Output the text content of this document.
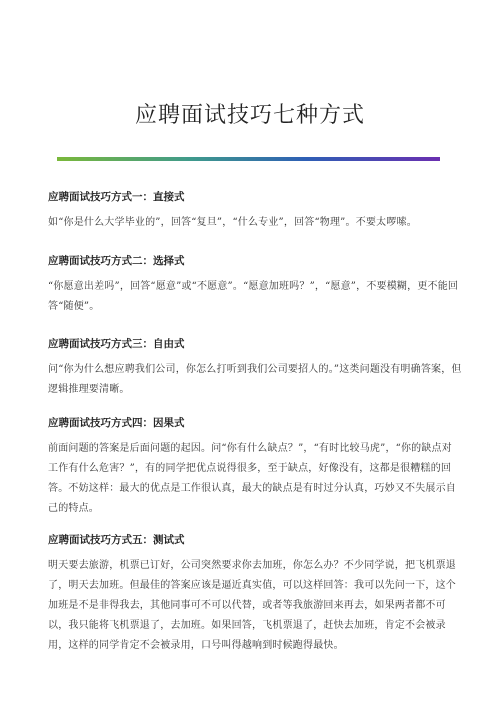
应聘面试技巧七种方式

应聘面试技巧方式一：直接式

如“你是什么大学毕业的”，回答“复旦”，“什么专业”，回答“物理”。不要太啰嗦。

应聘面试技巧方式二：选择式

“你愿意出差吗”，回答“愿意”或“不愿意”。“愿意加班吗？”，“愿意”，不要模糊，更不能回答“随便”。

应聘面试技巧方式三：自由式

问“你为什么想应聘我们公司，你怎么打听到我们公司要招人的。”这类问题没有明确答案，但逻辑推理要清晰。

应聘面试技巧方式四：因果式

前面问题的答案是后面问题的起因。问“你有什么缺点？”，“有时比较马虎”，“你的缺点对工作有什么危害？”，有的同学把优点说得很多，至于缺点，好像没有，这都是很糟糕的回答。不妨这样：最大的优点是工作很认真，最大的缺点是有时过分认真，巧妙又不失展示自己的特点。

应聘面试技巧方式五：测试式

明天要去旅游，机票已订好，公司突然要求你去加班，你怎么办？不少同学说，把飞机票退了，明天去加班。但最佳的答案应该是逼近真实值，可以这样回答：我可以先问一下，这个加班是不是非得我去，其他同事可不可以代替，或者等我旅游回来再去，如果两者都不可以，我只能将飞机票退了，去加班。如果回答，飞机票退了，赶快去加班，肯定不会被录用，这样的同学肯定不会被录用，口号叫得越响到时候跑得最快。
